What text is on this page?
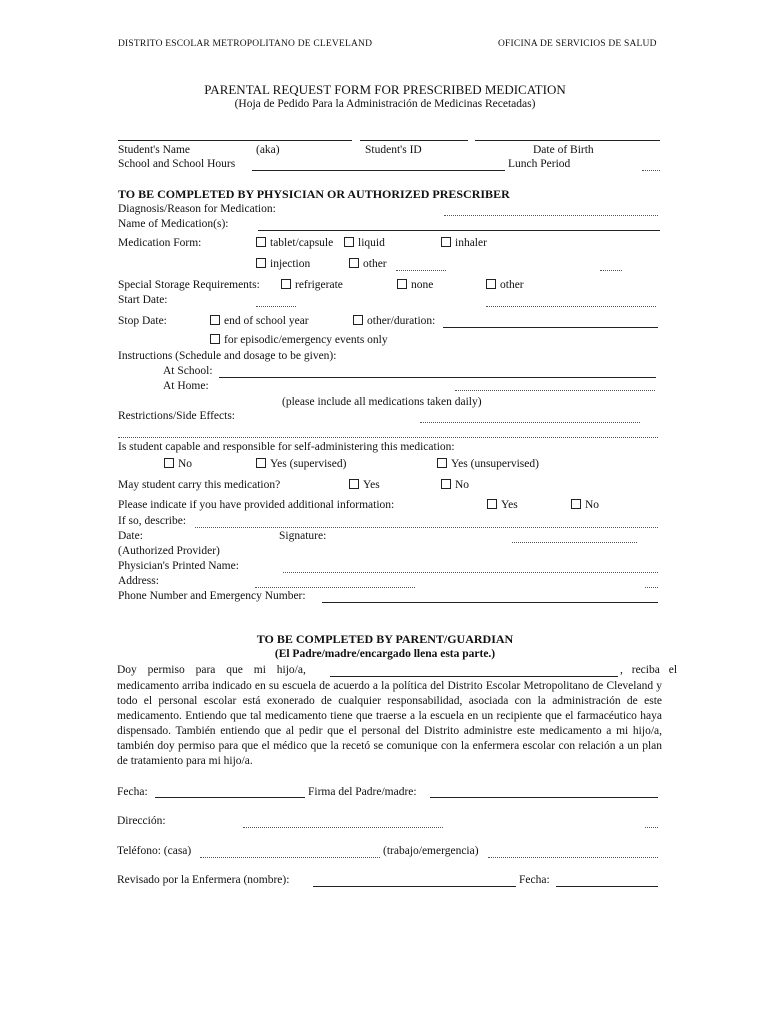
DISTRITO ESCOLAR METROPOLITANO DE CLEVELAND	OFICINA DE SERVICIOS DE SALUD
PARENTAL REQUEST FORM FOR PRESCRIBED MEDICATION
(Hoja de Pedido Para la Administración de Medicinas Recetadas)
Student's Name	(aka)	Student's ID	Date of Birth
School and School Hours	Lunch Period
TO BE COMPLETED BY PHYSICIAN OR AUTHORIZED PRESCRIBER
Diagnosis/Reason for Medication:
Name of Medication(s):
Medication Form:	tablet/capsule	liquid	inhaler
injection	other
Special Storage Requirements:	refrigerate	none	other
Start Date:
Stop Date:	end of school year	other/duration:
for episodic/emergency events only
Instructions (Schedule and dosage to be given):
At School:
At Home:
(please include all medications taken daily)
Restrictions/Side Effects:
Is student capable and responsible for self-administering this medication:
No	Yes (supervised)	Yes (unsupervised)
May student carry this medication?	Yes	No
Please indicate if you have provided additional information:	Yes	No
If so, describe:
Date:	Signature:
(Authorized Provider)
Physician's Printed Name:
Address:
Phone Number and Emergency Number:
TO BE COMPLETED BY PARENT/GUARDIAN
(El Padre/madre/encargado llena esta parte.)
Doy permiso para que mi hijo/a,	, reciba el
medicamento arriba indicado en su escuela de acuerdo a la política del Distrito Escolar Metropolitano de Cleveland y todo el personal escolar está exonerado de cualquier responsabilidad, asociada con la administración de este medicamento. Entiendo que tal medicamento tiene que traerse a la escuela en un recipiente que el farmacéutico haya dispensado. También entiendo que al pedir que el personal del Distrito administre este medicamento a mi hijo/a, también doy permiso para que el médico que la recetó se comunique con la enfermera escolar con relación a un plan de tratamiento para mi hijo/a.
Fecha:	Firma del Padre/madre:
Dirección:
Teléfono: (casa)	(trabajo/emergencia)
Revisado por la Enfermera (nombre):	Fecha:
